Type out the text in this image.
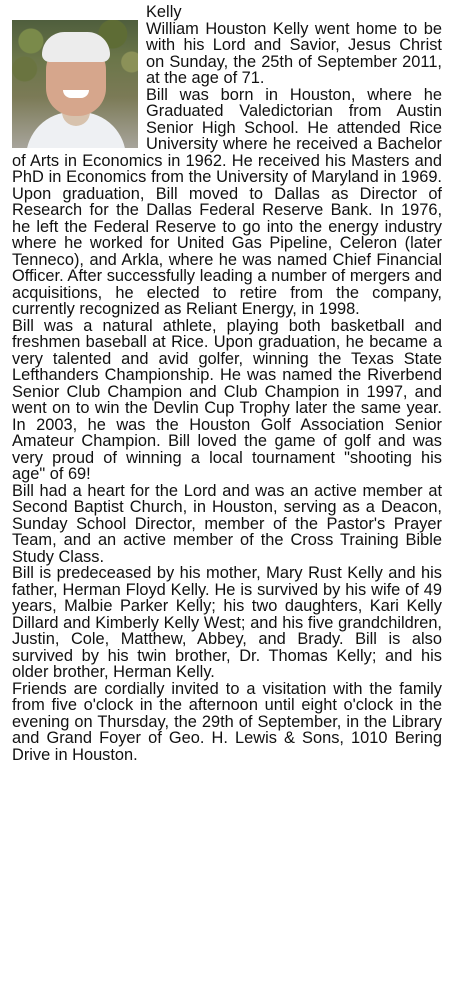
Kelly

William Houston Kelly went home to be with his Lord and Savior, Jesus Christ on Sunday, the 25th of September 2011, at the age of 71.

Bill was born in Houston, where he Graduated Valedictorian from Austin Senior High School. He attended Rice University where he received a Bachelor of Arts in Economics in 1962. He received his Masters and PhD in Economics from the University of Maryland in 1969. Upon graduation, Bill moved to Dallas as Director of Research for the Dallas Federal Reserve Bank. In 1976, he left the Federal Reserve to go into the energy industry where he worked for United Gas Pipeline, Celeron (later Tenneco), and Arkla, where he was named Chief Financial Officer. After successfully leading a number of mergers and acquisitions, he elected to retire from the company, currently recognized as Reliant Energy, in 1998.

Bill was a natural athlete, playing both basketball and freshmen baseball at Rice. Upon graduation, he became a very talented and avid golfer, winning the Texas State Lefthanders Championship. He was named the Riverbend Senior Club Champion and Club Champion in 1997, and went on to win the Devlin Cup Trophy later the same year. In 2003, he was the Houston Golf Association Senior Amateur Champion. Bill loved the game of golf and was very proud of winning a local tournament "shooting his age" of 69!

Bill had a heart for the Lord and was an active member at Second Baptist Church, in Houston, serving as a Deacon, Sunday School Director, member of the Pastor's Prayer Team, and an active member of the Cross Training Bible Study Class.

Bill is predeceased by his mother, Mary Rust Kelly and his father, Herman Floyd Kelly. He is survived by his wife of 49 years, Malbie Parker Kelly; his two daughters, Kari Kelly Dillard and Kimberly Kelly West; and his five grandchildren, Justin, Cole, Matthew, Abbey, and Brady. Bill is also survived by his twin brother, Dr. Thomas Kelly; and his older brother, Herman Kelly.

Friends are cordially invited to a visitation with the family from five o'clock in the afternoon until eight o'clock in the evening on Thursday, the 29th of September, in the Library and Grand Foyer of Geo. H. Lewis & Sons, 1010 Bering Drive in Houston.
